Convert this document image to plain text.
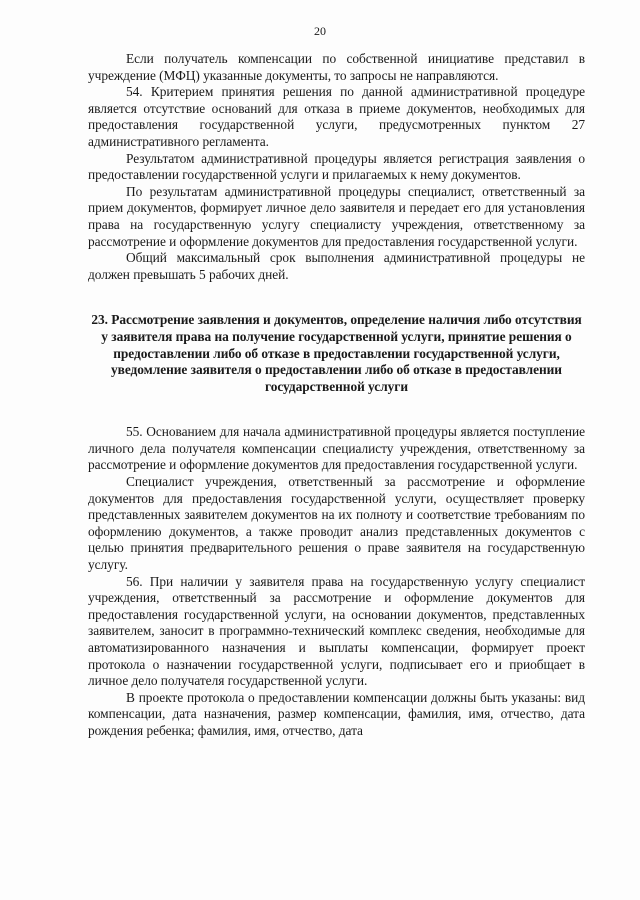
20

Если получатель компенсации по собственной инициативе представил в учреждение (МФЦ) указанные документы, то запросы не направляются.

54. Критерием принятия решения по данной административной процедуре является отсутствие оснований для отказа в приеме документов, необходимых для предоставления государственной услуги, предусмотренных пунктом 27 административного регламента.

Результатом административной процедуры является регистрация заявления о предоставлении государственной услуги и прилагаемых к нему документов.

По результатам административной процедуры специалист, ответственный за прием документов, формирует личное дело заявителя и передает его для установления права на государственную услугу специалисту учреждения, ответственному за рассмотрение и оформление документов для предоставления государственной услуги.

Общий максимальный срок выполнения административной процедуры не должен превышать 5 рабочих дней.

23. Рассмотрение заявления и документов, определение наличия либо отсутствия у заявителя права на получение государственной услуги, принятие решения о предоставлении либо об отказе в предоставлении государственной услуги, уведомление заявителя о предоставлении либо об отказе в предоставлении государственной услуги

55. Основанием для начала административной процедуры является поступление личного дела получателя компенсации специалисту учреждения, ответственному за рассмотрение и оформление документов для предоставления государственной услуги.

Специалист учреждения, ответственный за рассмотрение и оформление документов для предоставления государственной услуги, осуществляет проверку представленных заявителем документов на их полноту и соответствие требованиям по оформлению документов, а также проводит анализ представленных документов с целью принятия предварительного решения о праве заявителя на государственную услугу.

56. При наличии у заявителя права на государственную услугу специалист учреждения, ответственный за рассмотрение и оформление документов для предоставления государственной услуги, на основании документов, представленных заявителем, заносит в программно-технический комплекс сведения, необходимые для автоматизированного назначения и выплаты компенсации, формирует проект протокола о назначении государственной услуги, подписывает его и приобщает в личное дело получателя государственной услуги.

В проекте протокола о предоставлении компенсации должны быть указаны: вид компенсации, дата назначения, размер компенсации, фамилия, имя, отчество, дата рождения ребенка; фамилия, имя, отчество, дата
